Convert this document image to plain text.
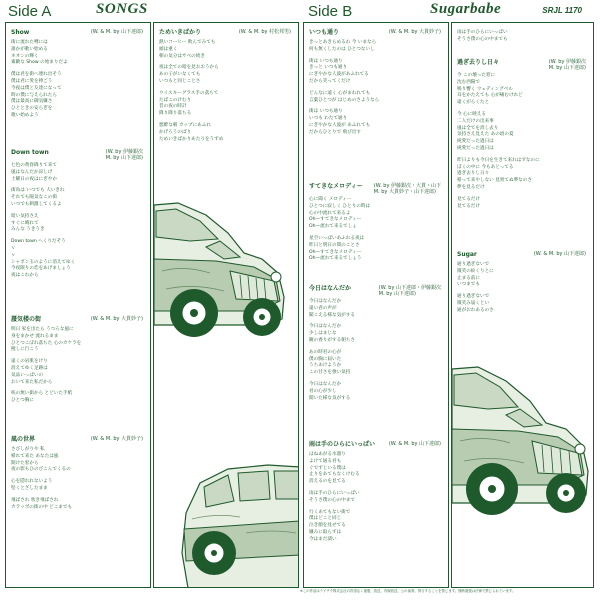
Side A	SONGS	Side B	Sugarbabe	SRJL 1170
Show	(W. & M. by 山下達郎)
街に流れた噂には
誰かが歌い始める
ネオンの輝く
素敵な Show の始まりだよ
僕は君を街へ連れ出そう
僕は君に愛を捧ごう
今夜は僕と友達になって
時の僕に与えられたら
僕は最高に御気嫌さ
ひとときの安らぎを
歌い始めよう
Down town	(W. by 伊藤銀次
M. by 山下達郎)
七色の黄昏降りて来て
風はなんだか涼しげ
土曜日の夜はにぎやか
街角は いつでも 人いきれ
それでも陽気なこの街
いつでも刺激してくるよ
暗い気持さえ
すぐに晴れて
みんな うきうき
Down town へくりだそう
ｖ
ｖ
シャボン玉のように消えてゆく
今夜限りの恋をあげましょう
夜はこれから
蜃気楼の街	(W. & M. by 大貫妙子)
明日 家を出たら うつろな風に
身をまかせ 流れるまま
ひとつこぼれ落ちた 心のカケラを
捜しに行こう
遠くの岩肌をけり
消えてゆく足跡は
気品いっぱいの
おいて来た私だから
咲の無い街から とどいた手紙
ひとつ胸に
風の世界	(W. & M. by 大貫妙子)
さびしがりや 私
帰れて来た あなたは風
開けた窓から
夜の影もひのびこんでくるの
心を隠れれないよう
堅くとざしたまま
飛ばされ 吹き飛ばされ
カラッポの街の中 どこまでも
ためいきばかり	(W. & M. by 村松邦男)
熱いコーヒー 飲んでみても
頭は重く
朝の気分はサベの続き
夜は全ての暗を見おおうから
あの子がいなくても
いつもと同じことさ
ウイスキーグラス手の落ちて
たばこのけむり
昔の夜の時計
降り降り落ちる
悪酔な朝 カップにあふれ
かげろうのばり
ためいきばかりあたりをうずめ
いつも通り	(W. & M. by 大貫妙子)
きっとあきらめるわ 今 いまなら
何も無くしたのは ひとつないし
街は いつも通り
きっと いつも通り
にぎやかな人波があふれてる
だから笑ってくだけ
どんなに遠く 心がまわれても
言葉ひとつが はじめのさようなら
街は いつも通り
いつも わたて通り
にぎやかな人波が あふれても
だからひとりで 飛び出す
すてきなメロディー	(W. by 伊藤銀次・大貫・山下
M. by 大貫妙子・山下達郎)
心に聞く メロディー
ひとつに寂しく ひとりの時は
心の中流れて来るよ
Oh—すてきなメロディー
Oh—流れて来るでしょ
星空いっぱいあふれる夜は
昨日と明日の間のことさ
Oh—すてきなメロディー
Oh—流れて来るでしょう
今日はなんだか	(W. by 山下達郎・伊藤銀次
M. by 山下達郎)
今日はなんだか
遠い君の声が
聞こえる様な気がする
今日はなんだか
少しはまじな
観の香りがする朝ちさ
あの時君の心が
僕の胸に届いた
うちあけようか
この甘さを強い気持
今日はなんだか
君の心が少し
開いた様な気がする
雨は手のひらにいっぱい	(W. & M. by 山下達郎)
はねあがる水溜り
よけて通る君も
ぐでずじいる僕は
止りをあてもなくけむる
消えるのを見てる
雨は手のひらにいっぱい
そうさ僕の心の中まで
行くあてもない街で
僕はどこと同じ
泣き顔を見せてる
嫌みに取らずは
今はまだ濡い
雨は手のひらにいっぱい
そうさ僕の心の中までも
過ぎ去りし日々	(W. by 伊藤銀次
M. by 山下達郎)
今 この壊った窓に
沈む西陽で
鳴り響く ウェディングベル
耳をかたえても 心が痛むけれど
遠くがらくたと
今 心に映える
二人だけの出来事
風は全てを消し去り
気持さえ見えた あの頃の夏
純愛だった過日は
純愛だった過日は
昨日よりも今日を生きて来れはずなのに
ぼくの中に 今もあとってる
過ぎ去りし日々
帰って来やしない 見果てぬ夢なのさ
夢を見るだけ
見てるだけ
見てるだけ
Sugar	(W. & M. by 山下達郎)
通り過ぎないで
微笑の絵くりとに
止まる前に
いつまでも
通り過ぎないで
微笑み届くとい
通がおれあるのさ
※この作品はテイチク株式会社の許諾なく複製、放送、有線放送、公の演奏、貸与することを禁じます。無断複製は法律で禁じられています。
